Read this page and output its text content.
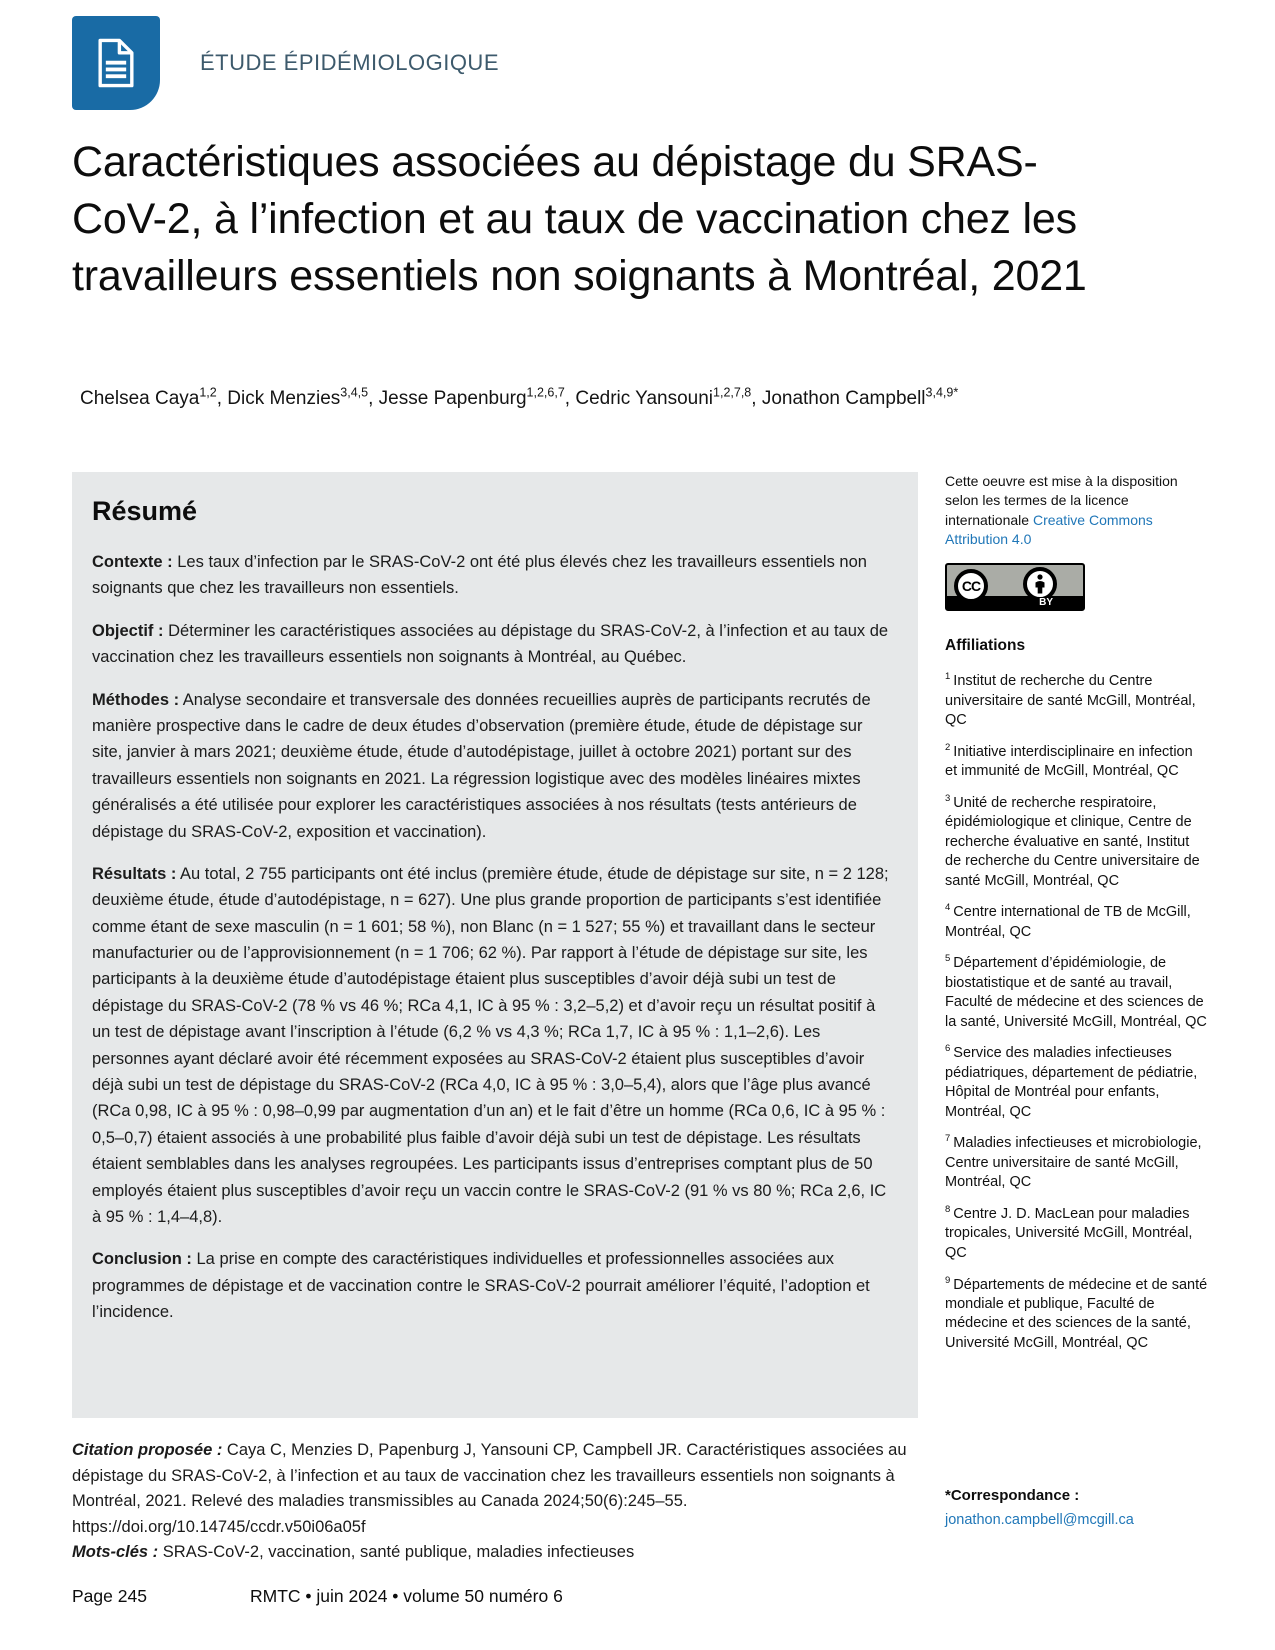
ÉTUDE ÉPIDÉMIOLOGIQUE
Caractéristiques associées au dépistage du SRAS-CoV-2, à l’infection et au taux de vaccination chez les travailleurs essentiels non soignants à Montréal, 2021
Chelsea Caya$^{1,2}$, Dick Menzies$^{3,4,5}$, Jesse Papenburg$^{1,2,6,7}$, Cedric Yansouni$^{1,2,7,8}$, Jonathon Campbell$^{3,4,9*}$
Résumé

Contexte : Les taux d’infection par le SRAS-CoV-2 ont été plus élevés chez les travailleurs essentiels non soignants que chez les travailleurs non essentiels.

Objectif : Déterminer les caractéristiques associées au dépistage du SRAS-CoV-2, à l’infection et au taux de vaccination chez les travailleurs essentiels non soignants à Montréal, au Québec.

Méthodes : Analyse secondaire et transversale des données recueillies auprès de participants recrutés de manière prospective dans le cadre de deux études d’observation (première étude, étude de dépistage sur site, janvier à mars 2021; deuxième étude, étude d’autodépistage, juillet à octobre 2021) portant sur des travailleurs essentiels non soignants en 2021. La régression logistique avec des modèles linéaires mixtes généralisés a été utilisée pour explorer les caractéristiques associées à nos résultats (tests antérieurs de dépistage du SRAS-CoV-2, exposition et vaccination).

Résultats : Au total, 2 755 participants ont été inclus (première étude, étude de dépistage sur site, n = 2 128; deuxième étude, étude d’autodépistage, n = 627). Une plus grande proportion de participants s’est identifiée comme étant de sexe masculin (n = 1 601; 58 %), non Blanc (n = 1 527; 55 %) et travaillant dans le secteur manufacturier ou de l’approvisionnement (n = 1 706; 62 %). Par rapport à l’étude de dépistage sur site, les participants à la deuxième étude d’autodépistage étaient plus susceptibles d’avoir déjà subi un test de dépistage du SRAS-CoV-2 (78 % vs 46 %; RCa 4,1, IC à 95 % : 3,2–5,2) et d’avoir reçu un résultat positif à un test de dépistage avant l’inscription à l’étude (6,2 % vs 4,3 %; RCa 1,7, IC à 95 % : 1,1–2,6). Les personnes ayant déclaré avoir été récemment exposées au SRAS-CoV-2 étaient plus susceptibles d’avoir déjà subi un test de dépistage du SRAS-CoV-2 (RCa 4,0, IC à 95 % : 3,0–5,4), alors que l’âge plus avancé (RCa 0,98, IC à 95 % : 0,98–0,99 par augmentation d’un an) et le fait d’être un homme (RCa 0,6, IC à 95 % : 0,5–0,7) étaient associés à une probabilité plus faible d’avoir déjà subi un test de dépistage. Les résultats étaient semblables dans les analyses regroupées. Les participants issus d’entreprises comptant plus de 50 employés étaient plus susceptibles d’avoir reçu un vaccin contre le SRAS-CoV-2 (91 % vs 80 %; RCa 2,6, IC à 95 % : 1,4–4,8).

Conclusion : La prise en compte des caractéristiques individuelles et professionnelles associées aux programmes de dépistage et de vaccination contre le SRAS-CoV-2 pourrait améliorer l’équité, l’adoption et l’incidence.

Citation proposée : Caya C, Menzies D, Papenburg J, Yansouni CP, Campbell JR. Caractéristiques associées au dépistage du SRAS-CoV-2, à l’infection et au taux de vaccination chez les travailleurs essentiels non soignants à Montréal, 2021. Relevé des maladies transmissibles au Canada 2024;50(6):245–55.

https://doi.org/10.14745/ccdr.v50i06a05f

Mots-clés : SRAS-CoV-2, vaccination, santé publique, maladies infectieuses

Cette oeuvre est mise à la disposition selon les termes de la licence internationale Creative Commons Attribution 4.0

CC
BY
Affiliations

$^1$ Institut de recherche du Centre universitaire de santé McGill, Montréal, QC

$^2$ Initiative interdisciplinaire en infection et immunité de McGill, Montréal, QC

$^3$ Unité de recherche respiratoire, épidémiologique et clinique, Centre de recherche évaluative en santé, Institut de recherche du Centre universitaire de santé McGill, Montréal, QC

$^4$ Centre international de TB de McGill, Montréal, QC

$^5$ Département d’épidémiologie, de biostatistique et de santé au travail, Faculté de médecine et des sciences de la santé, Université McGill, Montréal, QC

$^6$ Service des maladies infectieuses pédiatriques, département de pédiatrie, Hôpital de Montréal pour enfants, Montréal, QC

$^7$ Maladies infectieuses et microbiologie, Centre universitaire de santé McGill, Montréal, QC

$^8$ Centre J. D. MacLean pour maladies tropicales, Université McGill, Montréal, QC

$^9$ Départements de médecine et de santé mondiale et publique, Faculté de médecine et des sciences de la santé, Université McGill, Montréal, QC

*Correspondance :

jonathon.campbell@mcgill.ca
Page 245	RMTC • juin 2024 • volume 50 numéro 6
